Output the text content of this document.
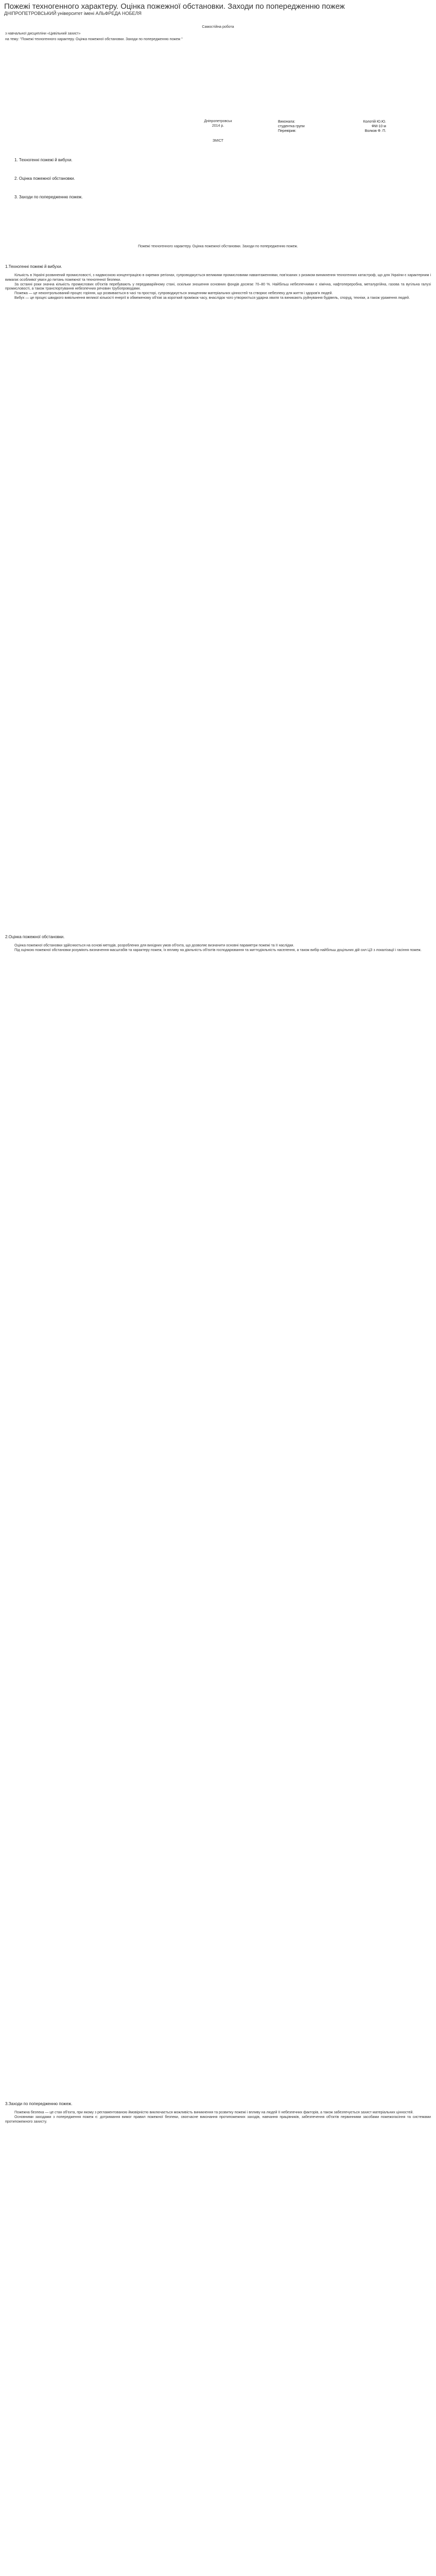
Пожежі техногенного характеру. Оцінка пожежної обстановки. Заходи по попередженню пожеж
ДНІПРОПЕТРОВСЬКИЙ університет імені АЛЬФРЕДА НОБЕЛЯ
Самостійна робота
з навчальної дисципліни «Цивільний захист»
на тему: "Пожежі техногенного характеру. Оцінка пожежної обстановки. Заходи по попередженню пожеж "
Виконала:	Колотій Ю.Ю.
студентка групи	ФМ-10 м
Перевірив:	Волков Ф. П.
Дніпропетровськ
2014 р.
ЗМІСТ
1. Техногенні пожежі й вибухи.
2. Оцінка пожежної обстановки.
3. Заходи по попередженню пожеж.
Пожежі техногенного характеру. Оцінка пожежної обстановки. Заходи по попередженню пожеж.
1.Техногенні пожежі й вибухи.

Кількість в Україні розвинений промисловості, з надвисокою концентрацією в окремих регіонах, супроводжується великими промисловими навантаженнями, пов'язаних з ризиком виникнення техногенних катастроф, що для України є характерним і вимагає особливої уваги до питань пожежної та техногенної безпеки.

За останні роки значна кількість промислових об'єктів перебувають у передаварійному стані, оскільки зношення основних фондів досягає 70–80 %. Найбільш небезпечними є хімічна, нафтопереробна, металургійна, газова та вугільна галузі промисловості, а також транспортування небезпечних речовин трубопроводами.

Пожежа — це неконтрольований процес горіння, що розвивається в часі та просторі, супроводжується знищенням матеріальних цінностей та створює небезпеку для життя і здоров'я людей.

Вибух — це процес швидкого вивільнення великої кількості енергії в обмеженому об'ємі за короткий проміжок часу, внаслідок чого утворюється ударна хвиля та виникають руйнування будівель, споруд, техніки, а також ураження людей.

2.Оцінка пожежної обстановки.

Оцінка пожежної обстановки здійснюється на основі методів, розроблених для вихідних умов об'єкта, що дозволяє визначити основні параметри пожежі та її наслідки.

Під оцінкою пожежної обстановки розуміють визначення масштабів та характеру пожеж, їх впливу на діяльність об'єктів господарювання та життєдіяльність населення, а також вибір найбільш доцільних дій сил ЦЗ з локалізації і гасіння пожеж.

3.Заходи по попередженню пожеж.

Пожежна безпека — це стан об'єкта, при якому з регламентованою ймовірністю виключається можливість виникнення та розвитку пожежі і впливу на людей її небезпечних факторів, а також забезпечується захист матеріальних цінностей.

Основними заходами з попередження пожеж є: дотримання вимог правил пожежної безпеки, своєчасне виконання протипожежних заходів, навчання працівників, забезпечення об'єктів первинними засобами пожежогасіння та системами протипожежного захисту.
